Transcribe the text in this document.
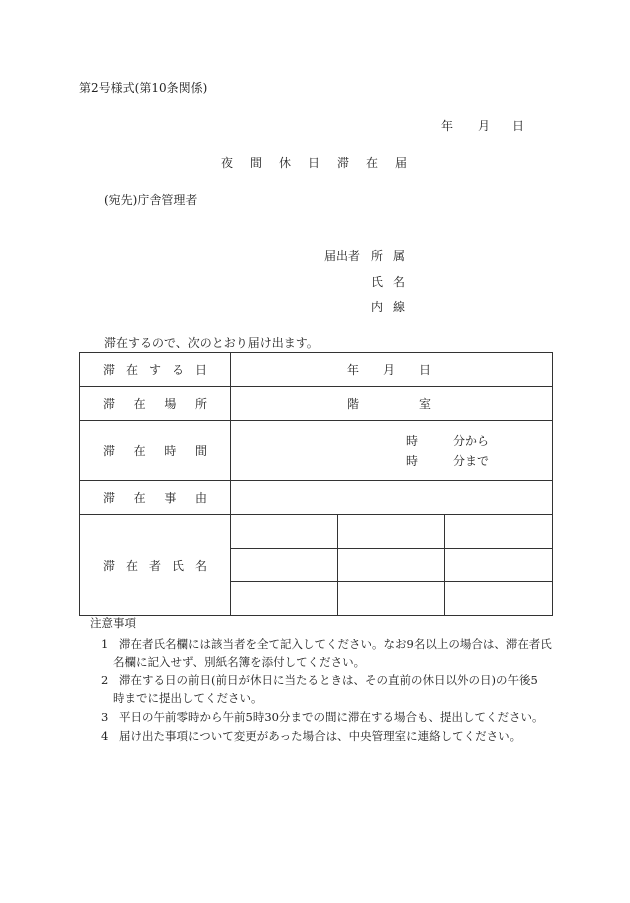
第2号様式(第10条関係)
年 月 日
夜 間 休 日 滞 在 届
(宛先)庁舎管理者
届出者 所 属
氏 名
内 線
滞在するので、次のとおり届け出ます。
滞 在 す る 日	年 月 日		

滞 在 場 所	階 室		

滞 在 時 間	時 分から
時 分まで		

滞 在 事 由			

滞 在 者 氏 名			

注意事項
1 滞在者氏名欄には該当者を全て記入してください。なお9名以上の場合は、滞在者氏
名欄に記入せず、別紙名簿を添付してください。
2 滞在する日の前日(前日が休日に当たるときは、その直前の休日以外の日)の午後5
時までに提出してください。
3 平日の午前零時から午前5時30分までの間に滞在する場合も、提出してください。
4 届け出た事項について変更があった場合は、中央管理室に連絡してください。
